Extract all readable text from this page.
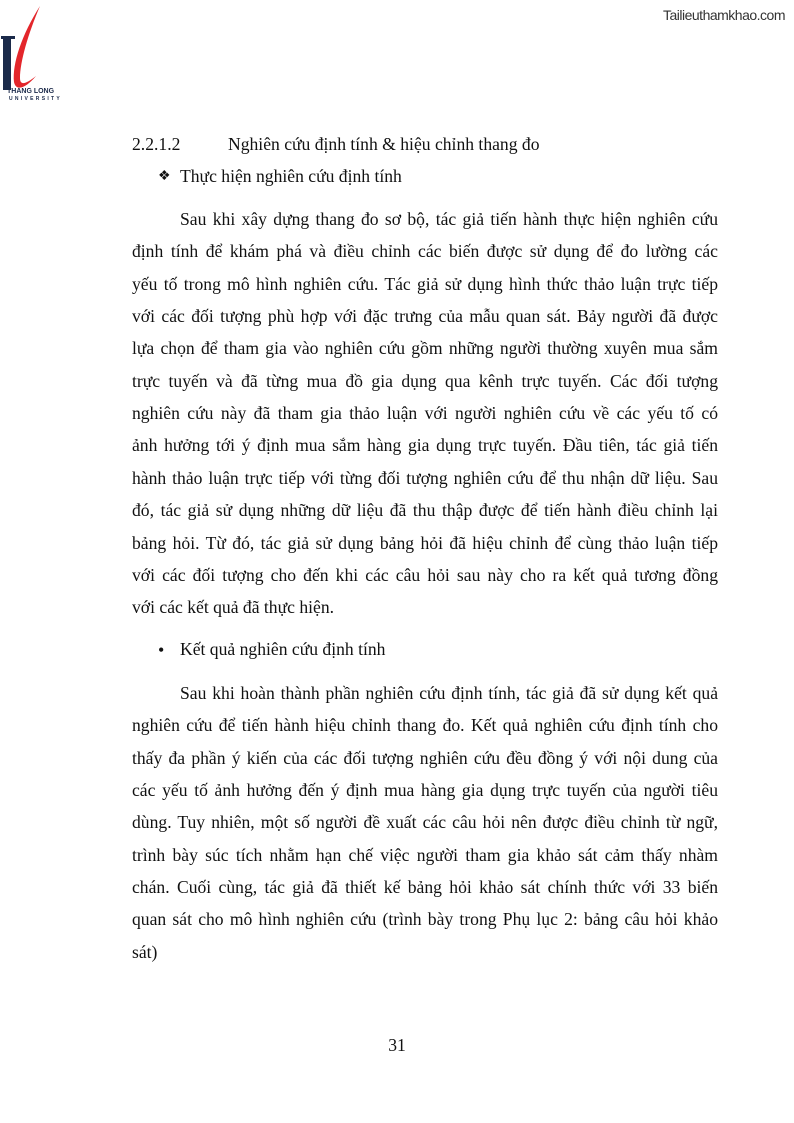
Tailieuthamkhao.com
THANG LONG
UNIVERSITY
2.2.1.2	Nghiên cứu định tính & hiệu chỉnh thang đo
❖ Thực hiện nghiên cứu định tính
Sau khi xây dựng thang đo sơ bộ, tác giả tiến hành thực hiện nghiên cứu
định tính để khám phá và điều chỉnh các biến được sử dụng để đo lường các
yếu tố trong mô hình nghiên cứu. Tác giả sử dụng hình thức thảo luận trực tiếp
với các đối tượng phù hợp với đặc trưng của mẫu quan sát. Bảy người đã được
lựa chọn để tham gia vào nghiên cứu gồm những người thường xuyên mua sắm
trực tuyến và đã từng mua đồ gia dụng qua kênh trực tuyến. Các đối tượng
nghiên cứu này đã tham gia thảo luận với người nghiên cứu về các yếu tố có
ảnh hưởng tới ý định mua sắm hàng gia dụng trực tuyến. Đầu tiên, tác giả tiến
hành thảo luận trực tiếp với từng đối tượng nghiên cứu để thu nhận dữ liệu. Sau
đó, tác giả sử dụng những dữ liệu đã thu thập được để tiến hành điều chỉnh lại
bảng hỏi. Từ đó, tác giả sử dụng bảng hỏi đã hiệu chỉnh để cùng thảo luận tiếp
với các đối tượng cho đến khi các câu hỏi sau này cho ra kết quả tương đồng
với các kết quả đã thực hiện.
• Kết quả nghiên cứu định tính
Sau khi hoàn thành phần nghiên cứu định tính, tác giả đã sử dụng kết quả
nghiên cứu để tiến hành hiệu chỉnh thang đo. Kết quả nghiên cứu định tính cho
thấy đa phần ý kiến của các đối tượng nghiên cứu đều đồng ý với nội dung của
các yếu tố ảnh hưởng đến ý định mua hàng gia dụng trực tuyến của người tiêu
dùng. Tuy nhiên, một số người đề xuất các câu hỏi nên được điều chỉnh từ ngữ,
trình bày súc tích nhằm hạn chế việc người tham gia khảo sát cảm thấy nhàm
chán. Cuối cùng, tác giả đã thiết kế bảng hỏi khảo sát chính thức với 33 biến
quan sát cho mô hình nghiên cứu (trình bày trong Phụ lục 2: bảng câu hỏi khảo
sát)
31
